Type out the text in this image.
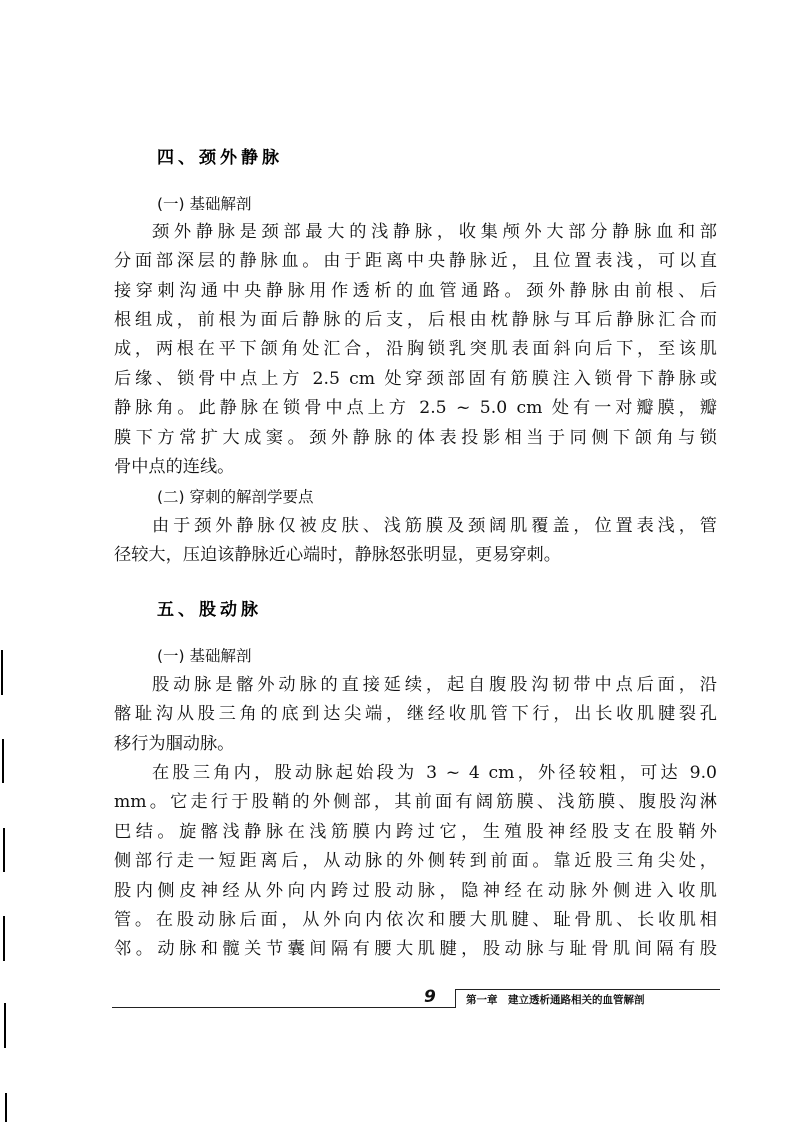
四、颈外静脉
(一) 基础解剖
颈外静脉是颈部最大的浅静脉，收集颅外大部分静脉血和部
分面部深层的静脉血。由于距离中央静脉近，且位置表浅，可以直
接穿刺沟通中央静脉用作透析的血管通路。颈外静脉由前根、后
根组成，前根为面后静脉的后支，后根由枕静脉与耳后静脉汇合而
成，两根在平下颌角处汇合，沿胸锁乳突肌表面斜向后下，至该肌
后缘、锁骨中点上方 2.5 cm 处穿颈部固有筋膜注入锁骨下静脉或
静脉角。此静脉在锁骨中点上方 2.5 ~ 5.0 cm 处有一对瓣膜，瓣
膜下方常扩大成窦。颈外静脉的体表投影相当于同侧下颌角与锁
骨中点的连线。
(二) 穿刺的解剖学要点
由于颈外静脉仅被皮肤、浅筋膜及颈阔肌覆盖，位置表浅，管
径较大，压迫该静脉近心端时，静脉怒张明显，更易穿刺。
五、股动脉
(一) 基础解剖
股动脉是髂外动脉的直接延续，起自腹股沟韧带中点后面，沿
髂耻沟从股三角的底到达尖端，继经收肌管下行，出长收肌腱裂孔
移行为腘动脉。
在股三角内，股动脉起始段为 3 ~ 4 cm，外径较粗，可达 9.0
mm。它走行于股鞘的外侧部，其前面有阔筋膜、浅筋膜、腹股沟淋
巴结。旋髂浅静脉在浅筋膜内跨过它，生殖股神经股支在股鞘外
侧部行走一短距离后，从动脉的外侧转到前面。靠近股三角尖处，
股内侧皮神经从外向内跨过股动脉，隐神经在动脉外侧进入收肌
管。在股动脉后面，从外向内依次和腰大肌腱、耻骨肌、长收肌相
邻。动脉和髋关节囊间隔有腰大肌腱，股动脉与耻骨肌间隔有股
9	第一章　建立透析通路相关的血管解剖
